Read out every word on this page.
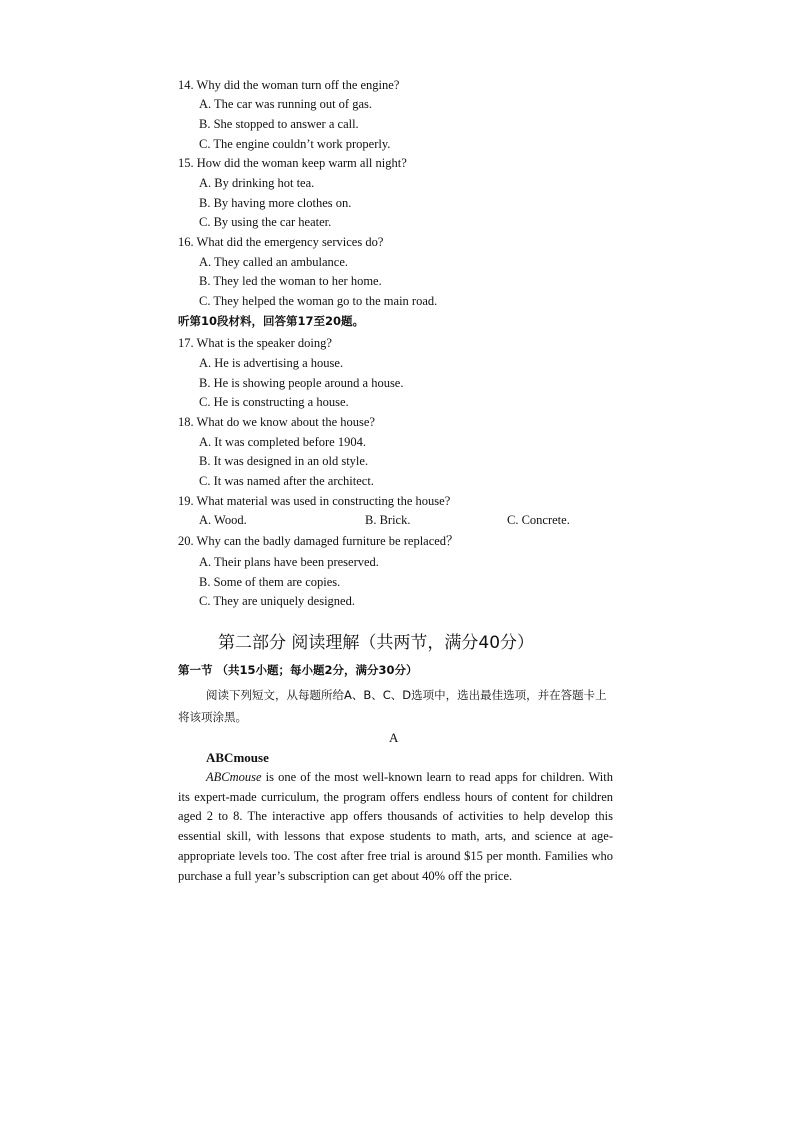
14. Why did the woman turn off the engine?
A. The car was running out of gas.
B. She stopped to answer a call.
C. The engine couldn’t work properly.
15. How did the woman keep warm all night?
A. By drinking hot tea.
B. By having more clothes on.
C. By using the car heater.
16. What did the emergency services do?
A. They called an ambulance.
B. They led the woman to her home.
C. They helped the woman go to the main road.
听第10段材料，回答第17至20题。
17. What is the speaker doing?
A. He is advertising a house.
B. He is showing people around a house.
C. He is constructing a house.
18. What do we know about the house?
A. It was completed before 1904.
B. It was designed in an old style.
C. It was named after the architect.
19. What material was used in constructing the house?
A. Wood.	B. Brick.	C. Concrete.
20. Why can the badly damaged furniture be replaced？
A. Their plans have been preserved.
B. Some of them are copies.
C. They are uniquely designed.
第二部分 阅读理解（共两节，满分40分）
第一节 （共15小题；每小题2分，满分30分）
阅读下列短文，从每题所给A、B、C、D选项中，选出最佳选项，并在答题卡上将该项涂黑。
A
ABCmouse
ABCmouse is one of the most well-known learn to read apps for children. With its expert-made curriculum, the program offers endless hours of content for children aged 2 to 8. The interactive app offers thousands of activities to help develop this essential skill, with lessons that expose students to math, arts, and science at age-appropriate levels too. The cost after free trial is around $15 per month. Families who purchase a full year’s subscription can get about 40% off the price.
